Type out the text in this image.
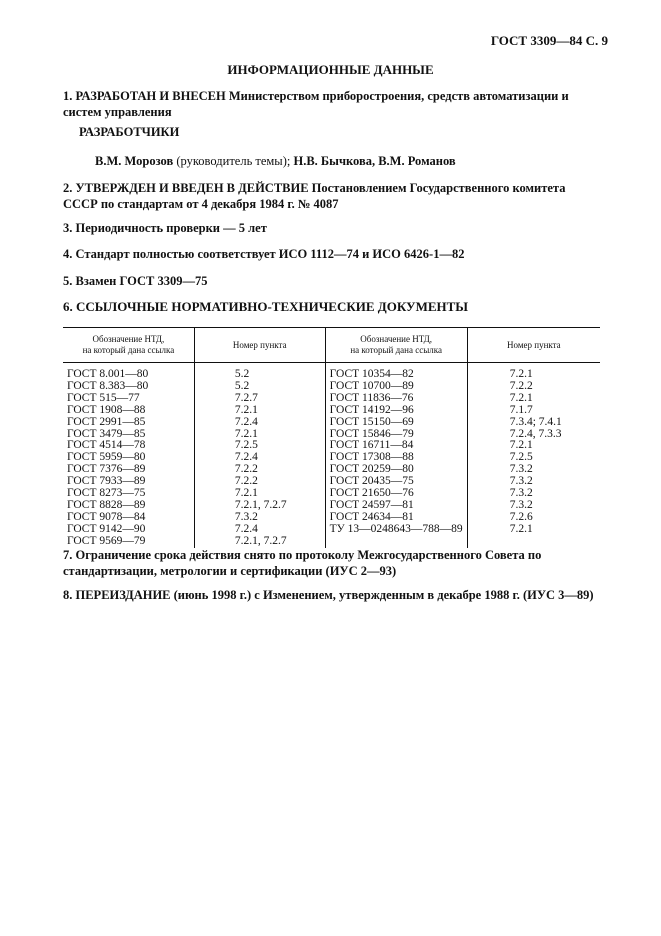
ГОСТ 3309—84 С. 9
ИНФОРМАЦИОННЫЕ ДАННЫЕ
1. РАЗРАБОТАН И ВНЕСЕН Министерством приборостроения, средств автоматизации и систем управления
РАЗРАБОТЧИКИ
В.М. Морозов (руководитель темы); Н.В. Бычкова, В.М. Романов
2. УТВЕРЖДЕН И ВВЕДЕН В ДЕЙСТВИЕ Постановлением Государственного комитета СССР по стандартам от 4 декабря 1984 г. № 4087
3. Периодичность проверки — 5 лет
4. Стандарт полностью соответствует ИСО 1112—74 и ИСО 6426-1—82
5. Взамен ГОСТ 3309—75
6. ССЫЛОЧНЫЕ НОРМАТИВНО-ТЕХНИЧЕСКИЕ ДОКУМЕНТЫ
Обозначение НТД,
на который дана ссылка	Номер пункта	Обозначение НТД,
на который дана ссылка	Номер пункта
ГОСТ 8.001—80	5.2	ГОСТ 10354—82	7.2.1
ГОСТ 8.383—80	5.2	ГОСТ 10700—89	7.2.2
ГОСТ 515—77	7.2.7	ГОСТ 11836—76	7.2.1
ГОСТ 1908—88	7.2.1	ГОСТ 14192—96	7.1.7
ГОСТ 2991—85	7.2.4	ГОСТ 15150—69	7.3.4; 7.4.1
ГОСТ 3479—85	7.2.1	ГОСТ 15846—79	7.2.4, 7.3.3
ГОСТ 4514—78	7.2.5	ГОСТ 16711—84	7.2.1
ГОСТ 5959—80	7.2.4	ГОСТ 17308—88	7.2.5
ГОСТ 7376—89	7.2.2	ГОСТ 20259—80	7.3.2
ГОСТ 7933—89	7.2.2	ГОСТ 20435—75	7.3.2
ГОСТ 8273—75	7.2.1	ГОСТ 21650—76	7.3.2
ГОСТ 8828—89	7.2.1, 7.2.7	ГОСТ 24597—81	7.3.2
ГОСТ 9078—84	7.3.2	ГОСТ 24634—81	7.2.6
ГОСТ 9142—90	7.2.4	ТУ 13—0248643—788—89	7.2.1
ГОСТ 9569—79	7.2.1, 7.2.7		
7. Ограничение срока действия снято по протоколу Межгосударственного Совета по стандартизации, метрологии и сертификации (ИУС 2—93)
8. ПЕРЕИЗДАНИЕ (июнь 1998 г.) с Изменением, утвержденным в декабре 1988 г. (ИУС 3—89)
